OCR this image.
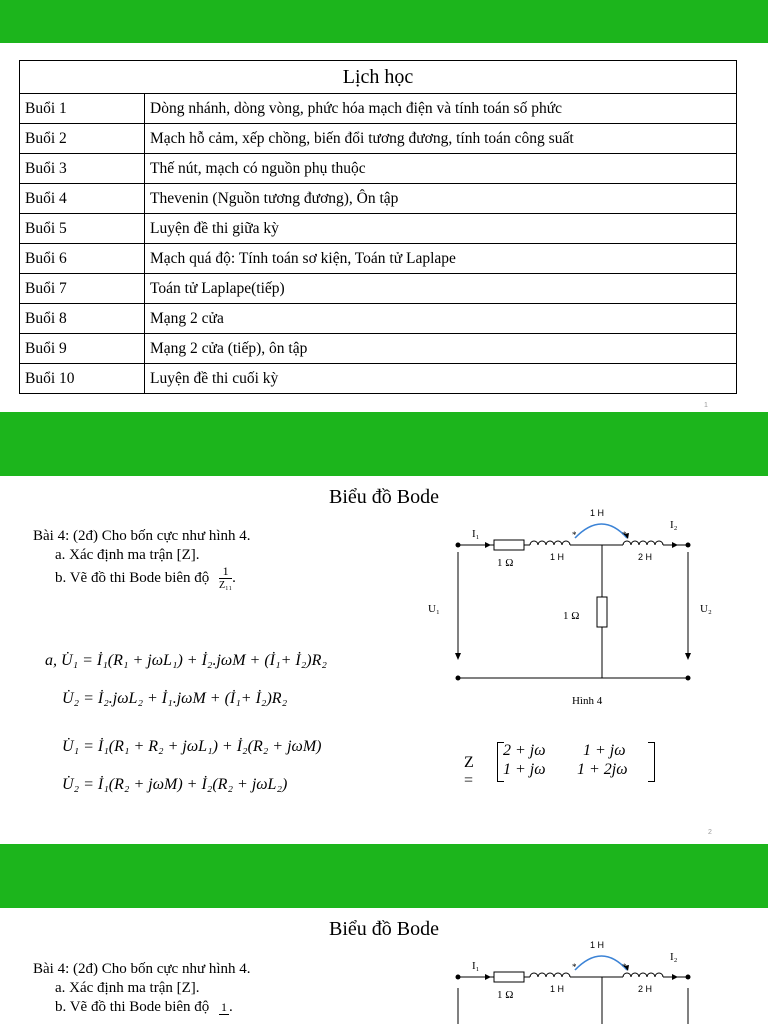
Lịch học	
Buổi 1	Dòng nhánh, dòng vòng, phức hóa mạch điện và tính toán số phức
Buổi 2	Mạch hỗ cảm, xếp chồng, biến đổi tương đương, tính toán công suất
Buổi 3	Thế nút, mạch có nguồn phụ thuộc
Buổi 4	Thevenin (Nguồn tương đương), Ôn tập
Buổi 5	Luyện đề thi giữa kỳ
Buổi 6	Mạch quá độ: Tính toán sơ kiện, Toán tử Laplape
Buổi 7	Toán tử Laplape(tiếp)
Buổi 8	Mạng 2 cửa
Buổi 9	Mạng 2 cửa (tiếp), ôn tập
Buổi 10	Luyện đề thi cuối kỳ
1
Biểu đồ Bode
Bài 4: (2đ) Cho bốn cực như hình 4.
a. Xác định ma trận [Z].
b. Vẽ đồ thi Bode biên độ 1
Z₁₁ .
a, U̇₁ = İ₁(R₁ + jωL₁) + İ₂.jωM + (İ₁+ İ₂)R₂
U̇₂ = İ₂.jωL₂ + İ₁.jωM + (İ₁+ İ₂)R₂
U̇₁ = İ₁(R₁ + R₂ + jωL₁) + İ₂(R₂ + jωM)
U̇₂ = İ₁(R₂ + jωM) + İ₂(R₂ + jωL₂)
Z =
2 + jω 1 + jω
1 + jω 1 + 2jω
*	*
I₁
I₂
1 H
1 Ω	1 H	2 H
1 Ω
U₁	U₂
Hình 4
2
Biểu đồ Bode
Bài 4: (2đ) Cho bốn cực như hình 4.
a. Xác định ma trận [Z].
b. Vẽ đồ thi Bode biên độ 1 .
*	*
I₁
I₂
1 H
1 Ω	1 H	2 H
